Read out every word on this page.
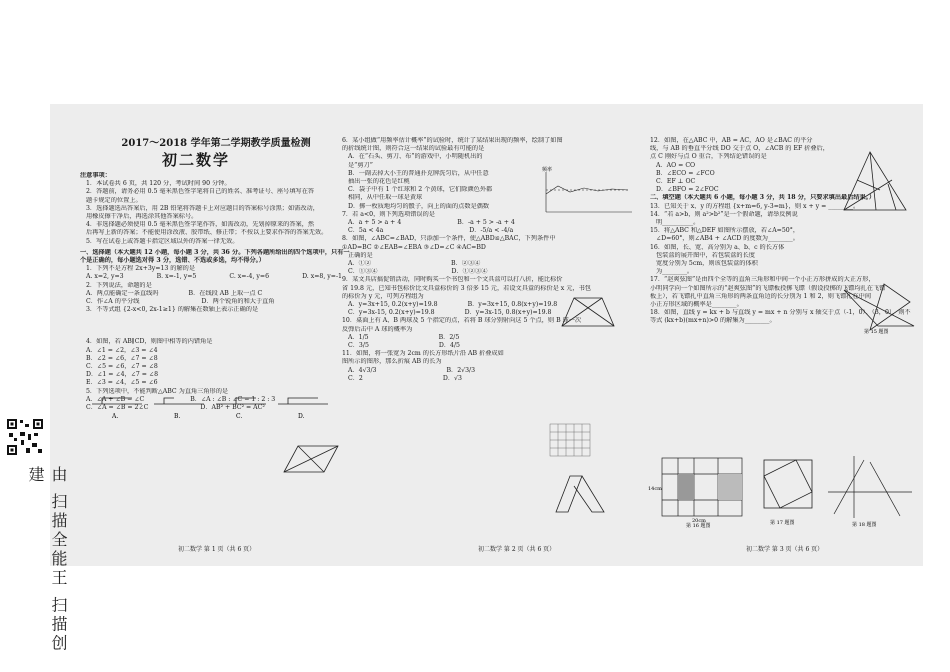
2017～2018 学年第二学期教学质量检测

初二数学

注意事项：

1．本试卷共 6 页，共 120 分，考试时间 90 分钟。

2．答题前，请务必用 0.5 毫米黑色签字笔将自己的姓名、准考证号、座号填写在答

题卡规定的位置上。

3．选择题选出答案后，用 2B 铅笔将答题卡上对应题目的答案标号涂黑；如需改动，

用橡皮擦干净后，再选涂其他答案标号。

4．非选择题必须使用 0.5 毫米黑色签字笔作答，如需改动，先划掉原来的答案，然

后再写上新的答案；不能使用涂改液、胶带纸、修正带；不按以上要求作答的答案无效。

5．写在试卷上或答题卡指定区域以外的答案一律无效。

一、选择题（本大题共 12 小题，每小题 3 分，共 36 分。下列各题所给出的四个选项中，只有一个是正确的，每小题选对得 3 分，选错、不选或多选，均不得分。）

1．下列不是方程 2x+3y=13 的解的是

A. x=2, y=3	B. x=-1, y=5	C. x=-4, y=6	D. x=8, y=-1

2．下列说法，命题的是

A．两点能确定一条直线吗	B．在线段 AB 上取一点 C

C．作∠A 的平分线	D．两个锐角的和大于直角

3．不等式组 {2-x<0, 2x-1≥1} 的解集在数轴上表示正确的是

A.	B.	C.	D.

4．如图，若 AB∥CD，则图中相等的内错角是

A．∠1 = ∠2，∠3 = ∠4

B．∠2 = ∠6，∠7 = ∠8

C．∠5 = ∠6，∠7 = ∠8

D．∠1 = ∠4，∠7 = ∠8

E．∠3 = ∠4，∠5 = ∠6

5．下列选项中，不能判断△ABC 为直角三角形的是

A．∠A + ∠B = ∠C	B．∠A : ∠B : ∠C = 1 : 2 : 3

C．∠A = ∠B = 2∠C	D．AB² + BC² = AC²

初二数学 第 1 页（共 6 页）

6．某小组做“用频率估计概率”的试验时，统计了某结果出现的频率，绘制了如图

的折线统计图，则符合这一结果的试验最有可能的是

A．在“石头、剪刀、布”的游戏中，小明随机出的

是“剪刀”

B．一副去掉大小王的普通扑克牌洗匀后，从中任意

抽出一张的花色是红桃

C．袋子中有 1 个红球和 2 个黄球，它们除颜色外都

相同，从中任取一球是黄球

D．掷一枚质地均匀的骰子，向上的面的点数是偶数

7．若 a<0，则下列选项错误的是

A．a + 5 > a + 4	B．-a + 5 > -a + 4

C．5a < 4a	D．-5/a < -4/a

8．如图，∠ABC=∠BAD，只添加一个条件，使△ABD≌△BAC，下列条件中

①AD=BC ②∠EAB=∠EBA ③∠D=∠C ④AC=BD

正确的是

A．①②	B．②③④

C．①③④	D．①②③④

9．某文具店搞促销活动，同时购买一个书包和一个文具盒可以打八折，能比标价

省 19.8 元，已知书包标价比文具盒标价的 3 倍多 15 元，若设文具盒的标价是 x 元，书包

的标价为 y 元，可列方程组为

A．y=3x+15, 0.2(x+y)=19.8	B．y=3x+15, 0.8(x+y)=19.8

C．y=3x-15, 0.2(x+y)=19.8	D．y=3x-15, 0.8(x+y)=19.8

10．桌面上有 A、B 两球及 5 个指定的点，若将 B 球分别射向这 5 个点，则 B 球一次

反弹后击中 A 球的概率为

A．1/5	B．2/5

C．3/5	D．4/5

11．如图，将一张宽为 2cm 的长方形纸片沿 AB 折叠成如

图所示的图形，那么折痕 AB 的长为

A．4√3/3	B．2√3/3

C．2	D．√3

频率
初二数学 第 2 页（共 6 页）

12．如图，在△ABC 中，AB = AC，AO 是∠BAC 的平分

线，与 AB 的垂直平分线 DO 交于点 O，∠ACB 的 EF 折叠后，

点 C 刚好与点 O 重合，下列结论错误的是

A．AO = CO

B．∠ECO = ∠FCO

C．EF ⊥ OC

D．∠BFO = 2∠FOC

二、填空题（本大题共 6 小题，每小题 3 分，共 18 分，只要求填出最后结果。）

13．已知关于 x、y 的方程组 {x+m=6, y-3=m}，则 x + y = ________。

14．“若 a>b，则 a²>b²”是一个假命题，请举反例说

明__________。

15．将△ABC 和△DEF 如图所示摆放，若∠A=50°，

∠D=60°，则∠AB4 + ∠ACD 的度数为________。

16．如图，长、宽、高分别为 a、b、c 的长方体

包装盒的展开图中，若包装盒的长度

宽度分别为 5cm，则该包装盒的体积

为________。

17．“赵爽弦图”是由四个全等的直角三角形和中间一个小正方形拼成的大正方形，

小明同学向一个如图所示的“赵爽弦图”的飞镖板投掷飞镖（假设投掷的飞镖均扎在飞镖

板上），若飞镖扎中直角三角形的两条直角边的长分别为 1 和 2，则飞镖扎在中间

小正方形区域的概率是________。

18．如图，直线 y = kx + b 与直线 y = mx + n 分别与 x 轴交于点（-1，0）、（3，0），则不

等式 (kx+b)(mx+n)>0 的解集为________。

第 15 题图
14cm
20cm
第 16 题图	第 17 题图	第 18 题图
初二数学 第 3 页（共 6 页）
由 扫描全能王 扫描创建
